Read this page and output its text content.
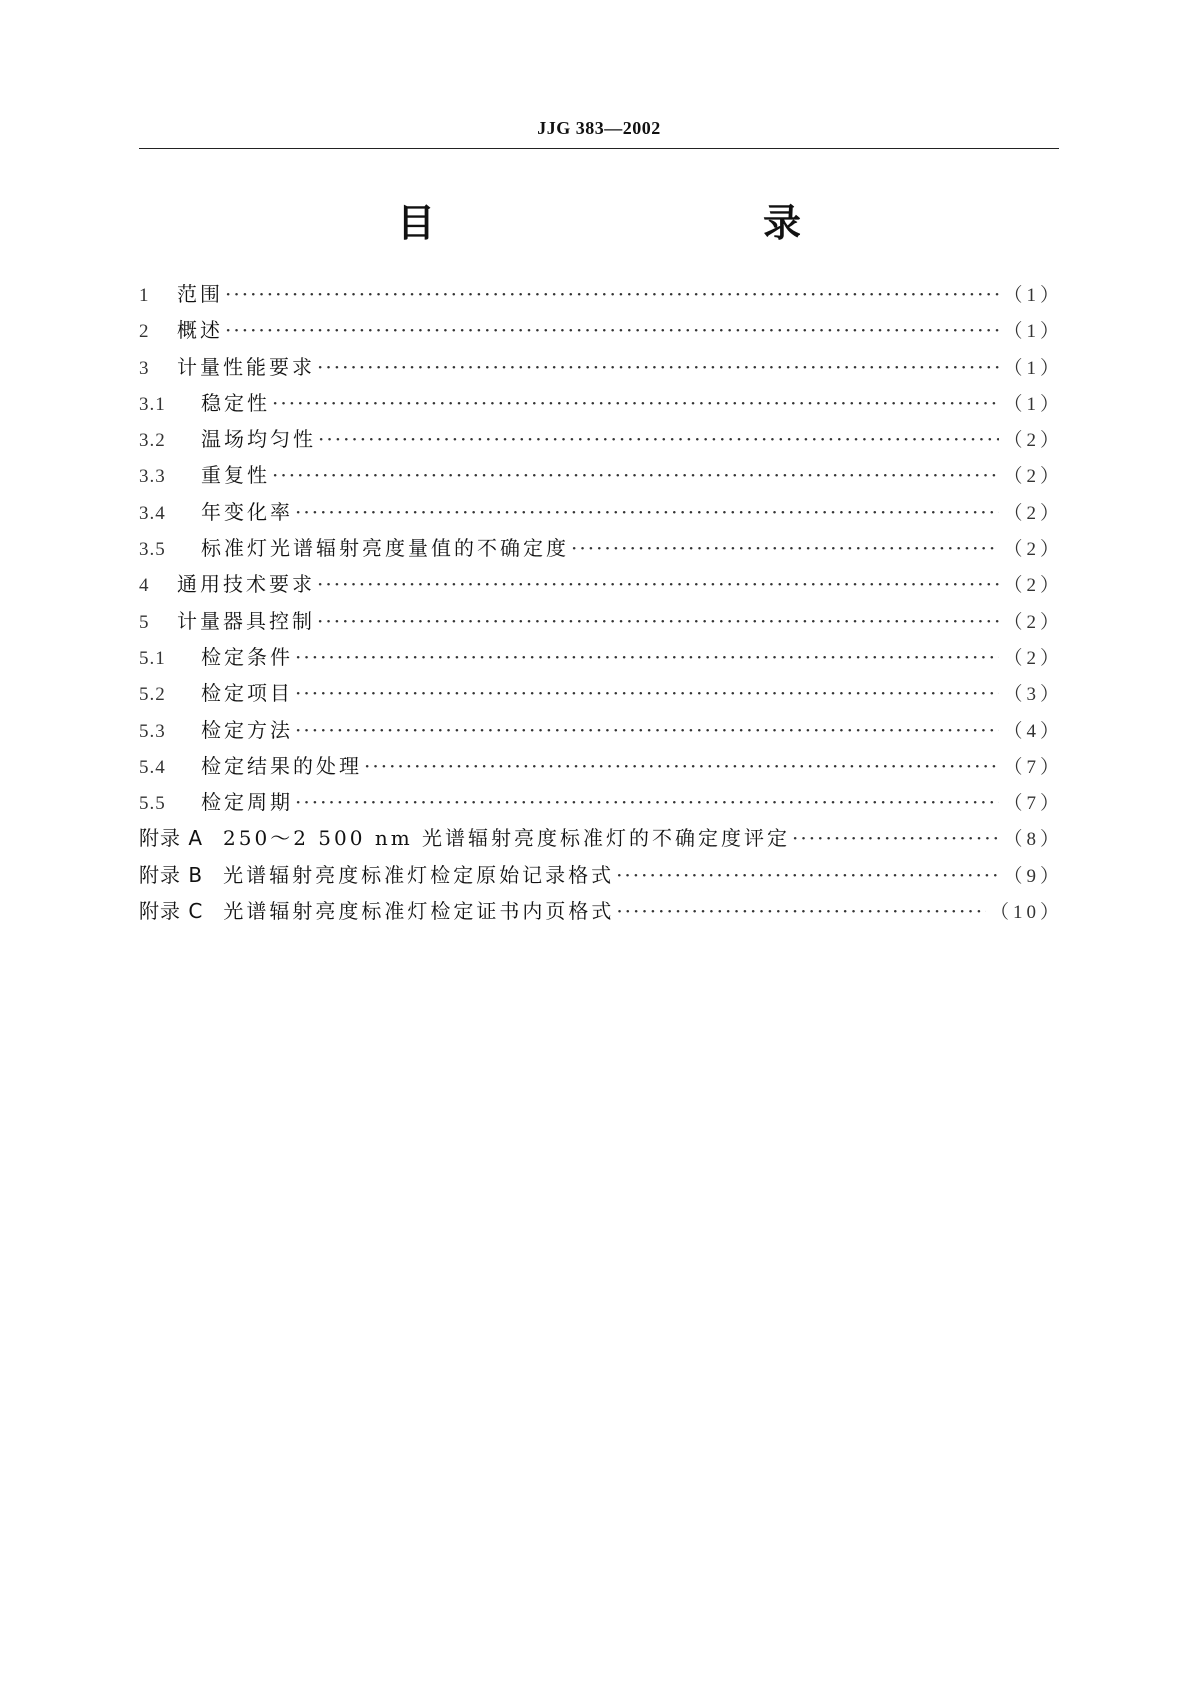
JJG 383—2002
目　　录
1	范围 ·····	（1）
2	概述 ·····	（1）
3	计量性能要求 ·····	（1）
3.1	稳定性 ·····	（1）
3.2	温场均匀性 ·····	（2）
3.3	重复性 ·····	（2）
3.4	年变化率 ·····	（2）
3.5	标准灯光谱辐射亮度量值的不确定度 ·····	（2）
4	通用技术要求 ·····	（2）
5	计量器具控制 ·····	（2）
5.1	检定条件 ·····	（2）
5.2	检定项目 ·····	（3）
5.3	检定方法 ·····	（4）
5.4	检定结果的处理 ·····	（7）
5.5	检定周期 ·····	（7）
附录 A	250～2 500 nm 光谱辐射亮度标准灯的不确定度评定 ·····	（8）
附录 B	光谱辐射亮度标准灯检定原始记录格式 ·····	（9）
附录 C	光谱辐射亮度标准灯检定证书内页格式 ·····	（10）
